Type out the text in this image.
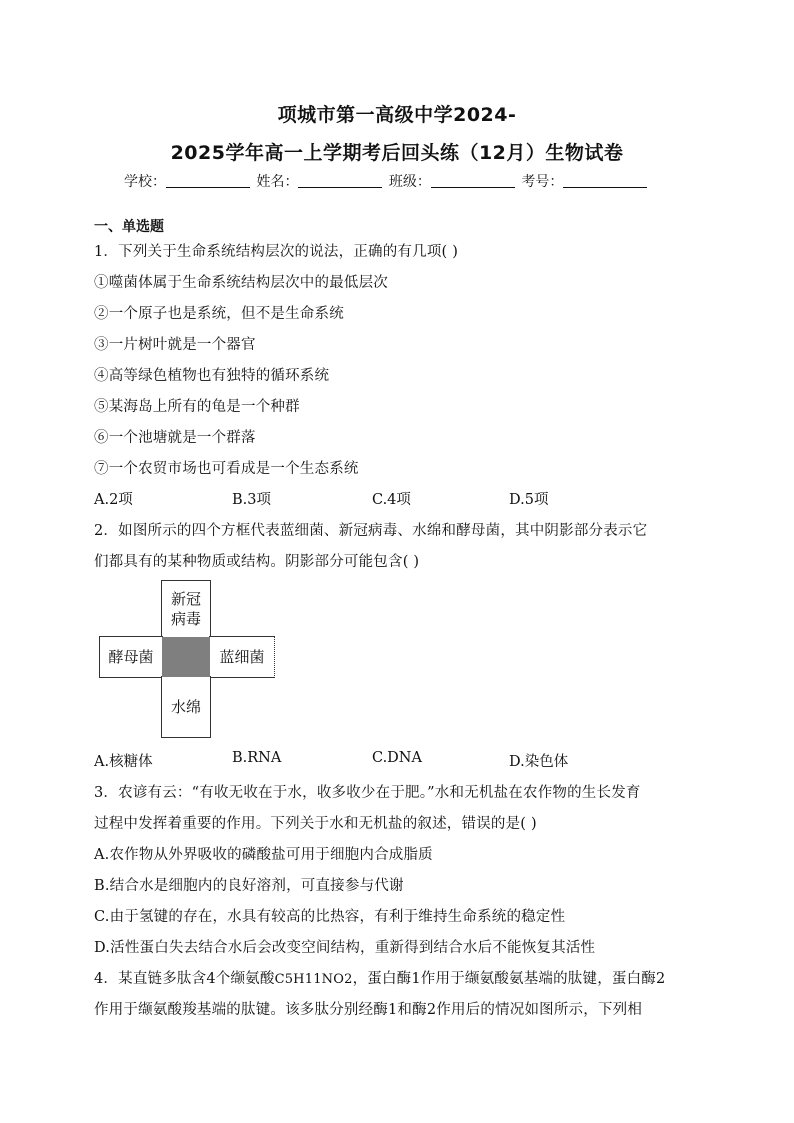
项城市第一高级中学2024-
2025学年高一上学期考后回头练（12月）生物试卷
学校：	姓名：	班级：	考号：
一、单选题
1．下列关于生命系统结构层次的说法，正确的有几项( )
①噬菌体属于生命系统结构层次中的最低层次
②一个原子也是系统，但不是生命系统
③一片树叶就是一个器官
④高等绿色植物也有独特的循环系统
⑤某海岛上所有的龟是一个种群
⑥一个池塘就是一个群落
⑦一个农贸市场也可看成是一个生态系统
A.2项	B.3项	C.4项	D.5项
2．如图所示的四个方框代表蓝细菌、新冠病毒、水绵和酵母菌，其中阴影部分表示它
们都具有的某种物质或结构。阴影部分可能包含( )
新冠病毒
酵母菌	蓝细菌
水绵
A.核糖体	B.RNA	C.DNA	D.染色体
3．农谚有云：“有收无收在于水，收多收少在于肥。”水和无机盐在农作物的生长发育
过程中发挥着重要的作用。下列关于水和无机盐的叙述，错误的是( )
A.农作物从外界吸收的磷酸盐可用于细胞内合成脂质
B.结合水是细胞内的良好溶剂，可直接参与代谢
C.由于氢键的存在，水具有较高的比热容，有利于维持生命系统的稳定性
D.活性蛋白失去结合水后会改变空间结构，重新得到结合水后不能恢复其活性
4．某直链多肽含4个缬氨酸C5H11NO2，蛋白酶1作用于缬氨酸氨基端的肽键，蛋白酶2
作用于缬氨酸羧基端的肽键。该多肽分别经酶1和酶2作用后的情况如图所示，下列相
